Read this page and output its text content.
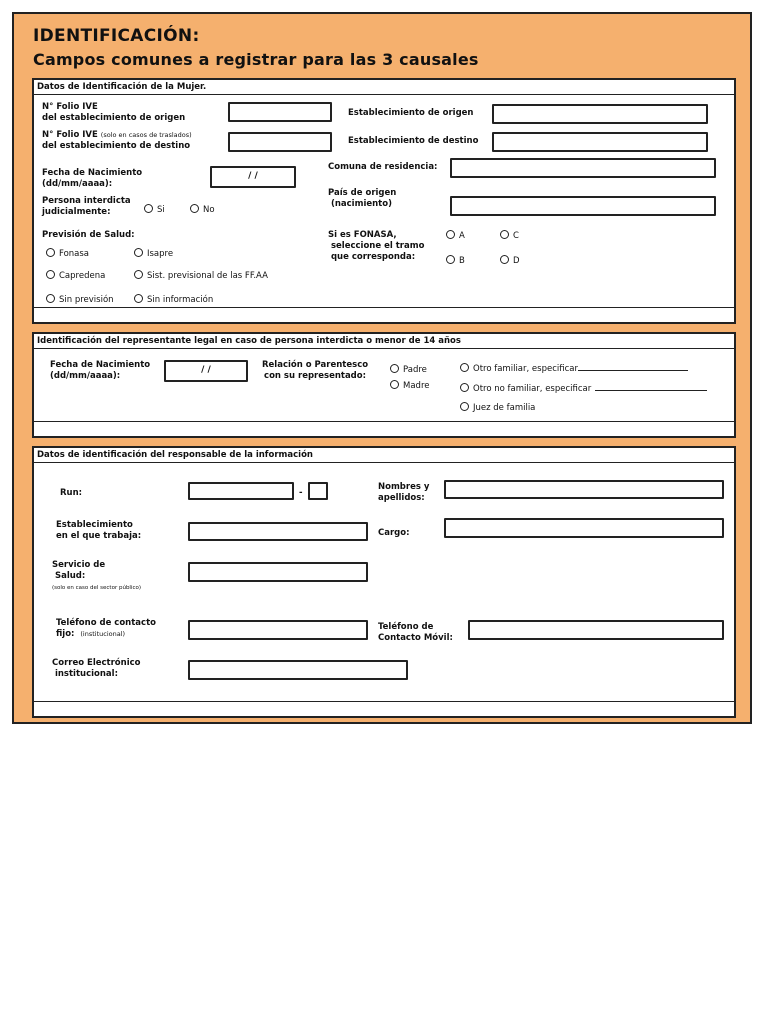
IDENTIFICACIÓN:
Campos comunes a registrar para las 3 causales
Datos de Identificación de la Mujer.
N° Folio IVE
del establecimiento de origen
N° Folio IVE (solo en casos de traslados)
del establecimiento de destino
Establecimiento de origen
Establecimiento de destino
Fecha de Nacimiento
(dd/mm/aaaa):
/ /
Comuna de residencia:
País de origen
(nacimiento)
Persona interdicta
judicialmente:	Si	No
Previsión de Salud:
Fonasa	Isapre
Capredena	Sist. previsional de las FF.AA
Sin previsión	Sin información
Si es FONASA,
seleccione el tramo
que corresponda:
A	C
B	D
Identificación del representante legal en caso de persona interdicta o menor de 14 años
Fecha de Nacimiento
(dd/mm/aaaa):
/ /	Relación o Parentesco
con su representado:
Padre
Madre
Otro familiar, especificar
Otro no familiar, especificar
Juez de familia
Datos de identificación del responsable de la información
Run:	-
Nombres y
apellidos:
Establecimiento
en el que trabaja:	Cargo:
Servicio de
Salud:
(solo en caso del sector público)
Teléfono de contacto
fijo: (institucional)
Teléfono de
Contacto Móvil:
Correo Electrónico
institucional:
